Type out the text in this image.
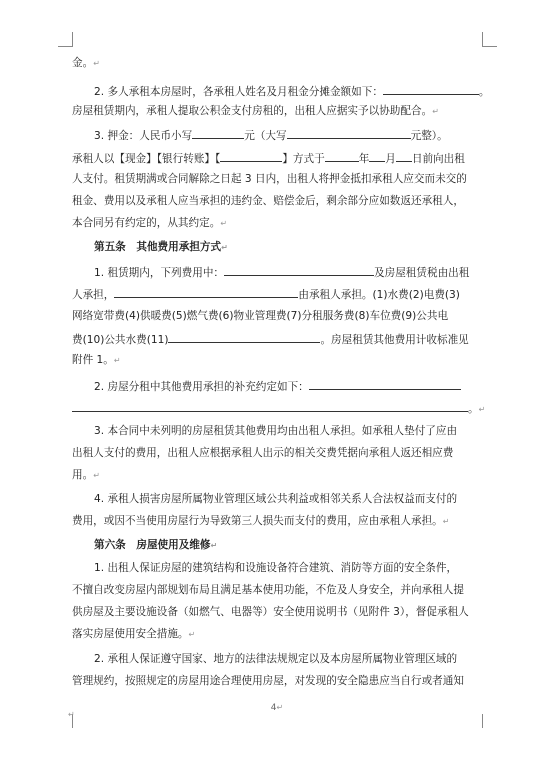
金。↵
2. 多人承租本房屋时，各承租人姓名及月租金分摊金额如下：	。
房屋租赁期内，承租人提取公积金支付房租的，出租人应据实予以协助配合。↵
3. 押金：人民币小写	元（大写	元整）。
承租人以【现金】【银行转账】【	】方式于	年 月 日前向出租
人支付。租赁期满或合同解除之日起 3 日内，出租人将押金抵扣承租人应交而未交的
租金、费用以及承租人应当承担的违约金、赔偿金后，剩余部分应如数返还承租人，
本合同另有约定的，从其约定。↵
第五条　其他费用承担方式↵
1. 租赁期内，下列费用中：	及房屋租赁税由出租
人承担，	由承租人承担。(1)水费(2)电费(3)
网络宽带费(4)供暖费(5)燃气费(6)物业管理费(7)分租服务费(8)车位费(9)公共电
费(10)公共水费(11)	。房屋租赁其他费用计收标准见
附件 1。↵
2. 房屋分租中其他费用承担的补充约定如下：
。↵
3. 本合同中未列明的房屋租赁其他费用均由出租人承担。如承租人垫付了应由
出租人支付的费用，出租人应根据承租人出示的相关交费凭据向承租人返还相应费
用。↵
4. 承租人损害房屋所属物业管理区域公共利益或相邻关系人合法权益而支付的
费用，或因不当使用房屋行为导致第三人损失而支付的费用，应由承租人承担。↵
第六条　房屋使用及维修↵
1. 出租人保证房屋的建筑结构和设施设备符合建筑、消防等方面的安全条件，
不擅自改变房屋内部规划布局且满足基本使用功能，不危及人身安全，并向承租人提
供房屋及主要设施设备（如燃气、电器等）安全使用说明书（见附件 3），督促承租人
落实房屋使用安全措施。↵
2. 承租人保证遵守国家、地方的法律法规规定以及本房屋所属物业管理区域的
管理规约，按照规定的房屋用途合理使用房屋，对发现的安全隐患应当自行或者通知
4↵
↵
